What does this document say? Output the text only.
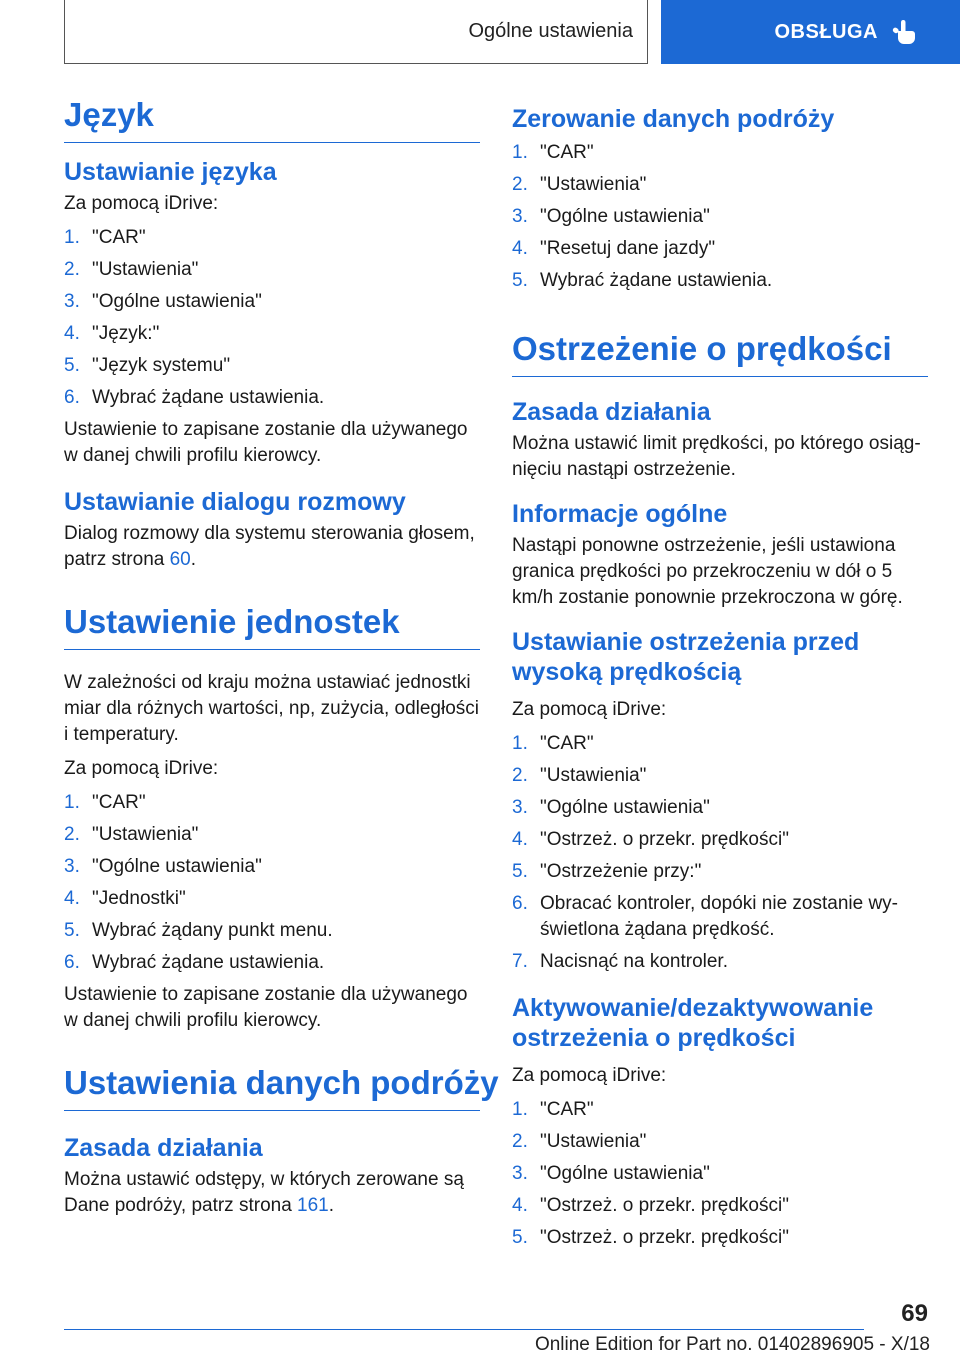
Ogólne ustawienia	OBSŁUGA
Język
Ustawianie języka

Za pomocą iDrive:

1. "CAR"
2. "Ustawienia"
3. "Ogólne ustawienia"
4. "Język:"
5. "Język systemu"
6. Wybrać żądane ustawienia.

Ustawienie to zapisane zostanie dla używanego w danej chwili profilu kierowcy.

Ustawianie dialogu rozmowy

Dialog rozmowy dla systemu sterowania głosem, patrz strona 60.

Ustawienie jednostek

W zależności od kraju można ustawiać jednostki miar dla różnych wartości, np, zużycia, odległości i temperatury.

Za pomocą iDrive:

1. "CAR"
2. "Ustawienia"
3. "Ogólne ustawienia"
4. "Jednostki"
5. Wybrać żądany punkt menu.
6. Wybrać żądane ustawienia.

Ustawienie to zapisane zostanie dla używanego w danej chwili profilu kierowcy.

Ustawienia danych podróży
Zasada działania

Można ustawić odstępy, w których zerowane są Dane podróży, patrz strona 161.

Zerowanie danych podróży
1. "CAR"
2. "Ustawienia"
3. "Ogólne ustawienia"
4. "Resetuj dane jazdy"
5. Wybrać żądane ustawienia.
Ostrzeżenie o prędkości
Zasada działania

Można ustawić limit prędkości, po którego osiąg-nięciu nastąpi ostrzeżenie.

Informacje ogólne

Nastąpi ponowne ostrzeżenie, jeśli ustawiona granica prędkości po przekroczeniu w dół o 5 km/h zostanie ponownie przekroczona w górę.

Ustawianie ostrzeżenia przed wysoką prędkością

Za pomocą iDrive:

1. "CAR"
2. "Ustawienia"
3. "Ogólne ustawienia"
4. "Ostrzeż. o przekr. prędkości"
5. "Ostrzeżenie przy:"
6. Obracać kontroler, dopóki nie zostanie wy-świetlona żądana prędkość.
7. Nacisnąć na kontroler.
Aktywowanie/dezaktywowanie ostrzeżenia o prędkości

Za pomocą iDrive:

1. "CAR"
2. "Ustawienia"
3. "Ogólne ustawienia"
4. "Ostrzeż. o przekr. prędkości"
5. "Ostrzeż. o przekr. prędkości"
69
Online Edition for Part no. 01402896905 - X/18
